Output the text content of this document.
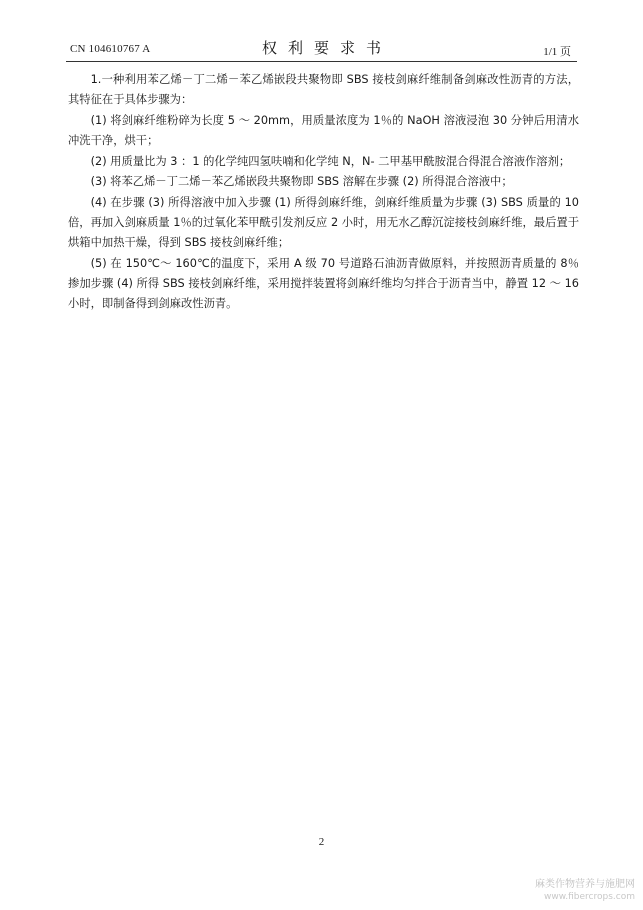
CN 104610767 A	权利要求书	1/1 页

1.一种利用苯乙烯－丁二烯－苯乙烯嵌段共聚物即 SBS 接枝剑麻纤维制备剑麻改性沥青的方法，其特征在于具体步骤为：

(1) 将剑麻纤维粉碎为长度 5 ～ 20mm，用质量浓度为 1％的 NaOH 溶液浸泡 30 分钟后用清水冲洗干净，烘干；

(2) 用质量比为 3 ：1 的化学纯四氢呋喃和化学纯 N，N- 二甲基甲酰胺混合得混合溶液作溶剂；

(3) 将苯乙烯－丁二烯－苯乙烯嵌段共聚物即 SBS 溶解在步骤 (2) 所得混合溶液中；

(4) 在步骤 (3) 所得溶液中加入步骤 (1) 所得剑麻纤维，剑麻纤维质量为步骤 (3) SBS 质量的 10 倍，再加入剑麻质量 1％的过氧化苯甲酰引发剂反应 2 小时，用无水乙醇沉淀接枝剑麻纤维，最后置于烘箱中加热干燥，得到 SBS 接枝剑麻纤维；

(5) 在 150℃～ 160℃的温度下，采用 A 级 70 号道路石油沥青做原料，并按照沥青质量的 8％掺加步骤 (4) 所得 SBS 接枝剑麻纤维，采用搅拌装置将剑麻纤维均匀拌合于沥青当中，静置 12 ～ 16 小时，即制备得到剑麻改性沥青。

2
麻类作物营养与施肥网
www.fibercrops.com
